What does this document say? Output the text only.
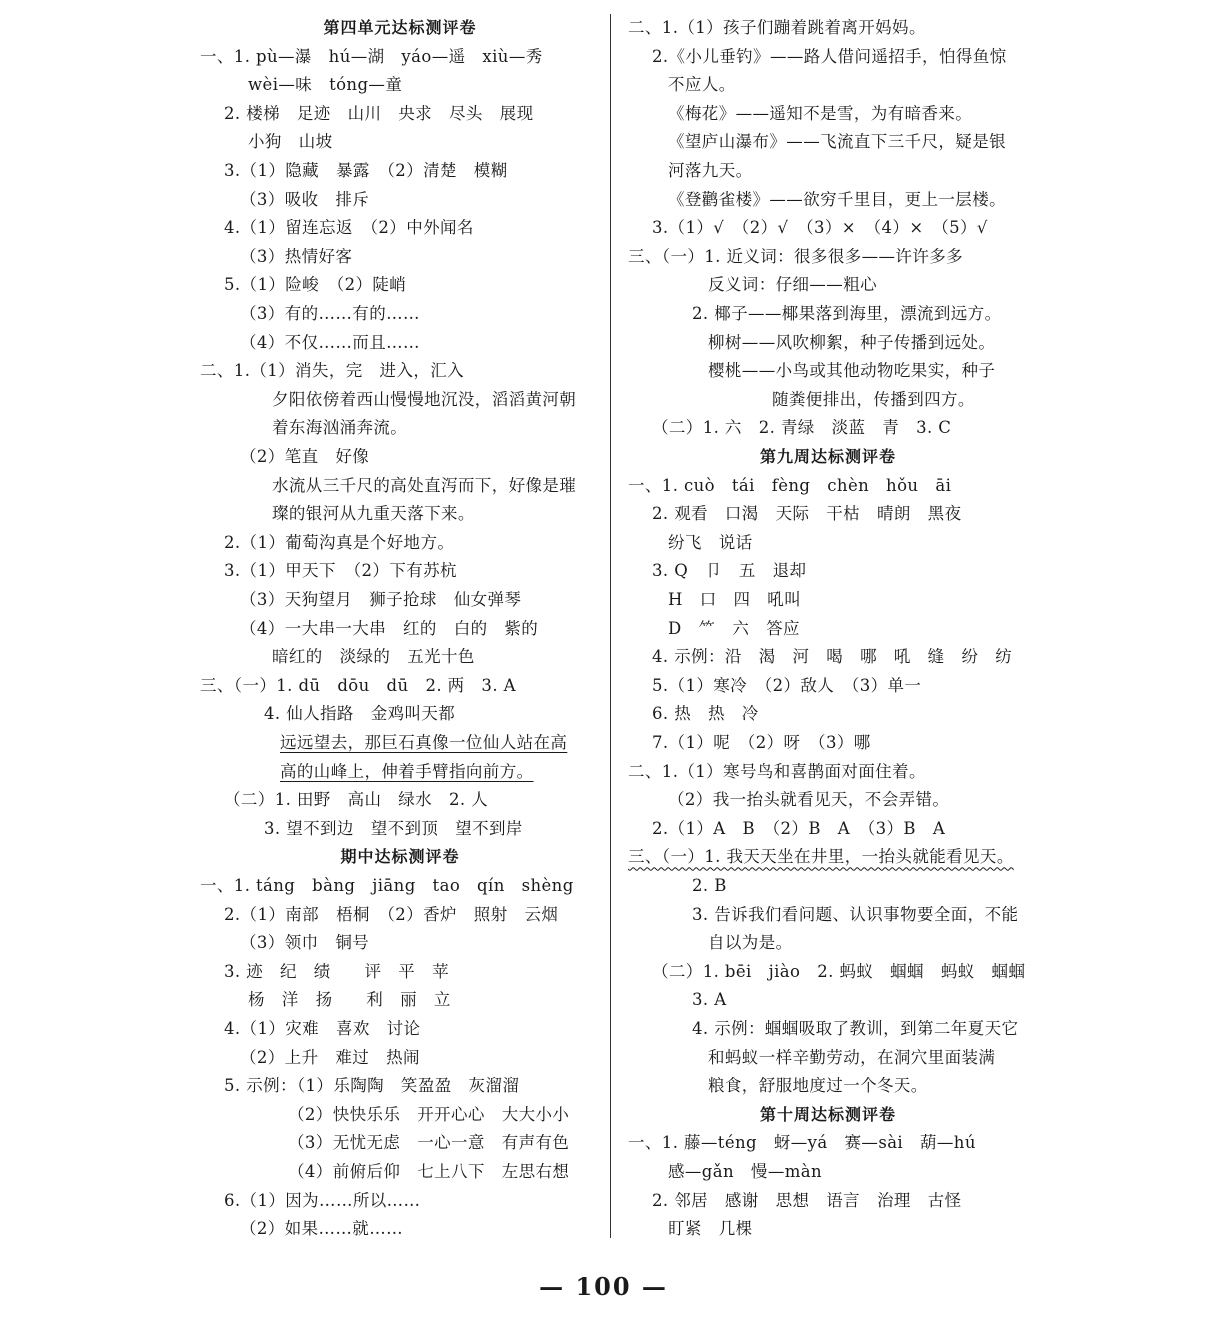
第四单元达标测评卷
一、1. pù—瀑　hú—湖　yáo—遥　xiù—秀
wèi—味　tóng—童
2. 楼梯　足迹　山川　央求　尽头　展现
小狗　山坡
3.（1）隐藏　暴露　（2）清楚　模糊
（3）吸收　排斥
4.（1）留连忘返　（2）中外闻名
（3）热情好客
5.（1）险峻　（2）陡峭
（3）有的……有的……
（4）不仅……而且……
二、1.（1）消失，完　进入，汇入
夕阳依傍着西山慢慢地沉没，滔滔黄河朝
着东海汹涌奔流。
（2）笔直　好像
水流从三千尺的高处直泻而下，好像是璀
璨的银河从九重天落下来。
2.（1）葡萄沟真是个好地方。
3.（1）甲天下　（2）下有苏杭
（3）天狗望月　狮子抢球　仙女弹琴
（4）一大串一大串　红的　白的　紫的
暗红的　淡绿的　五光十色
三、（一）1. dū　dōu　dū　2. 两　3. A
4. 仙人指路　金鸡叫天都
远远望去，那巨石真像一位仙人站在高
高的山峰上，伸着手臂指向前方。
（二）1. 田野　高山　绿水　2. 人
3. 望不到边　望不到顶　望不到岸
期中达标测评卷
一、1. táng　bàng　jiāng　tao　qín　shèng
2.（1）南部　梧桐　（2）香炉　照射　云烟
（3）领巾　铜号
3. 迹　纪　绩　　评　平　苹
杨　洋　扬　　利　丽　立
4.（1）灾难　喜欢　讨论
（2）上升　难过　热闹
5. 示例：（1）乐陶陶　笑盈盈　灰溜溜
（2）快快乐乐　开开心心　大大小小
（3）无忧无虑　一心一意　有声有色
（4）前俯后仰　七上八下　左思右想
6.（1）因为……所以……
（2）如果……就……
二、1.（1）孩子们蹦着跳着离开妈妈。
2.《小儿垂钓》——路人借问遥招手，怕得鱼惊
不应人。
《梅花》——遥知不是雪，为有暗香来。
《望庐山瀑布》——飞流直下三千尺，疑是银
河落九天。
《登鹳雀楼》——欲穷千里目，更上一层楼。
3.（1）√　（2）√　（3）×　（4）×　（5）√
三、（一）1. 近义词：很多很多——许许多多
反义词：仔细——粗心
2. 椰子——椰果落到海里，漂流到远方。
柳树——风吹柳絮，种子传播到远处。
樱桃——小鸟或其他动物吃果实，种子
随粪便排出，传播到四方。
（二）1. 六　2. 青绿　淡蓝　青　3. C
第九周达标测评卷
一、1. cuò　tái　fèng　chèn　hǒu　āi
2. 观看　口渴　天际　干枯　晴朗　黑夜
纷飞　说话
3. Q　卩　五　退却
H　口　四　吼叫
D　⺮　六　答应
4. 示例：沿　渴　河　喝　哪　吼　缝　纷　纺
5.（1）寒冷　（2）敌人　（3）单一
6. 热　热　冷
7.（1）呢　（2）呀　（3）哪
二、1.（1）寒号鸟和喜鹊面对面住着。
（2）我一抬头就看见天，不会弄错。
2.（1）A　B　（2）B　A　（3）B　A
三、（一）1. 我天天坐在井里，一抬头就能看见天。
2. B
3. 告诉我们看问题、认识事物要全面，不能
自以为是。
（二）1. bēi　jiào　2. 蚂蚁　蝈蝈　蚂蚁　蝈蝈
3. A
4. 示例：蝈蝈吸取了教训，到第二年夏天它
和蚂蚁一样辛勤劳动，在洞穴里面装满
粮食，舒服地度过一个冬天。
第十周达标测评卷
一、1. 藤—téng　蚜—yá　赛—sài　葫—hú
感—gǎn　慢—màn
2. 邻居　感谢　思想　语言　治理　古怪
盯紧　几棵
— 100 —
